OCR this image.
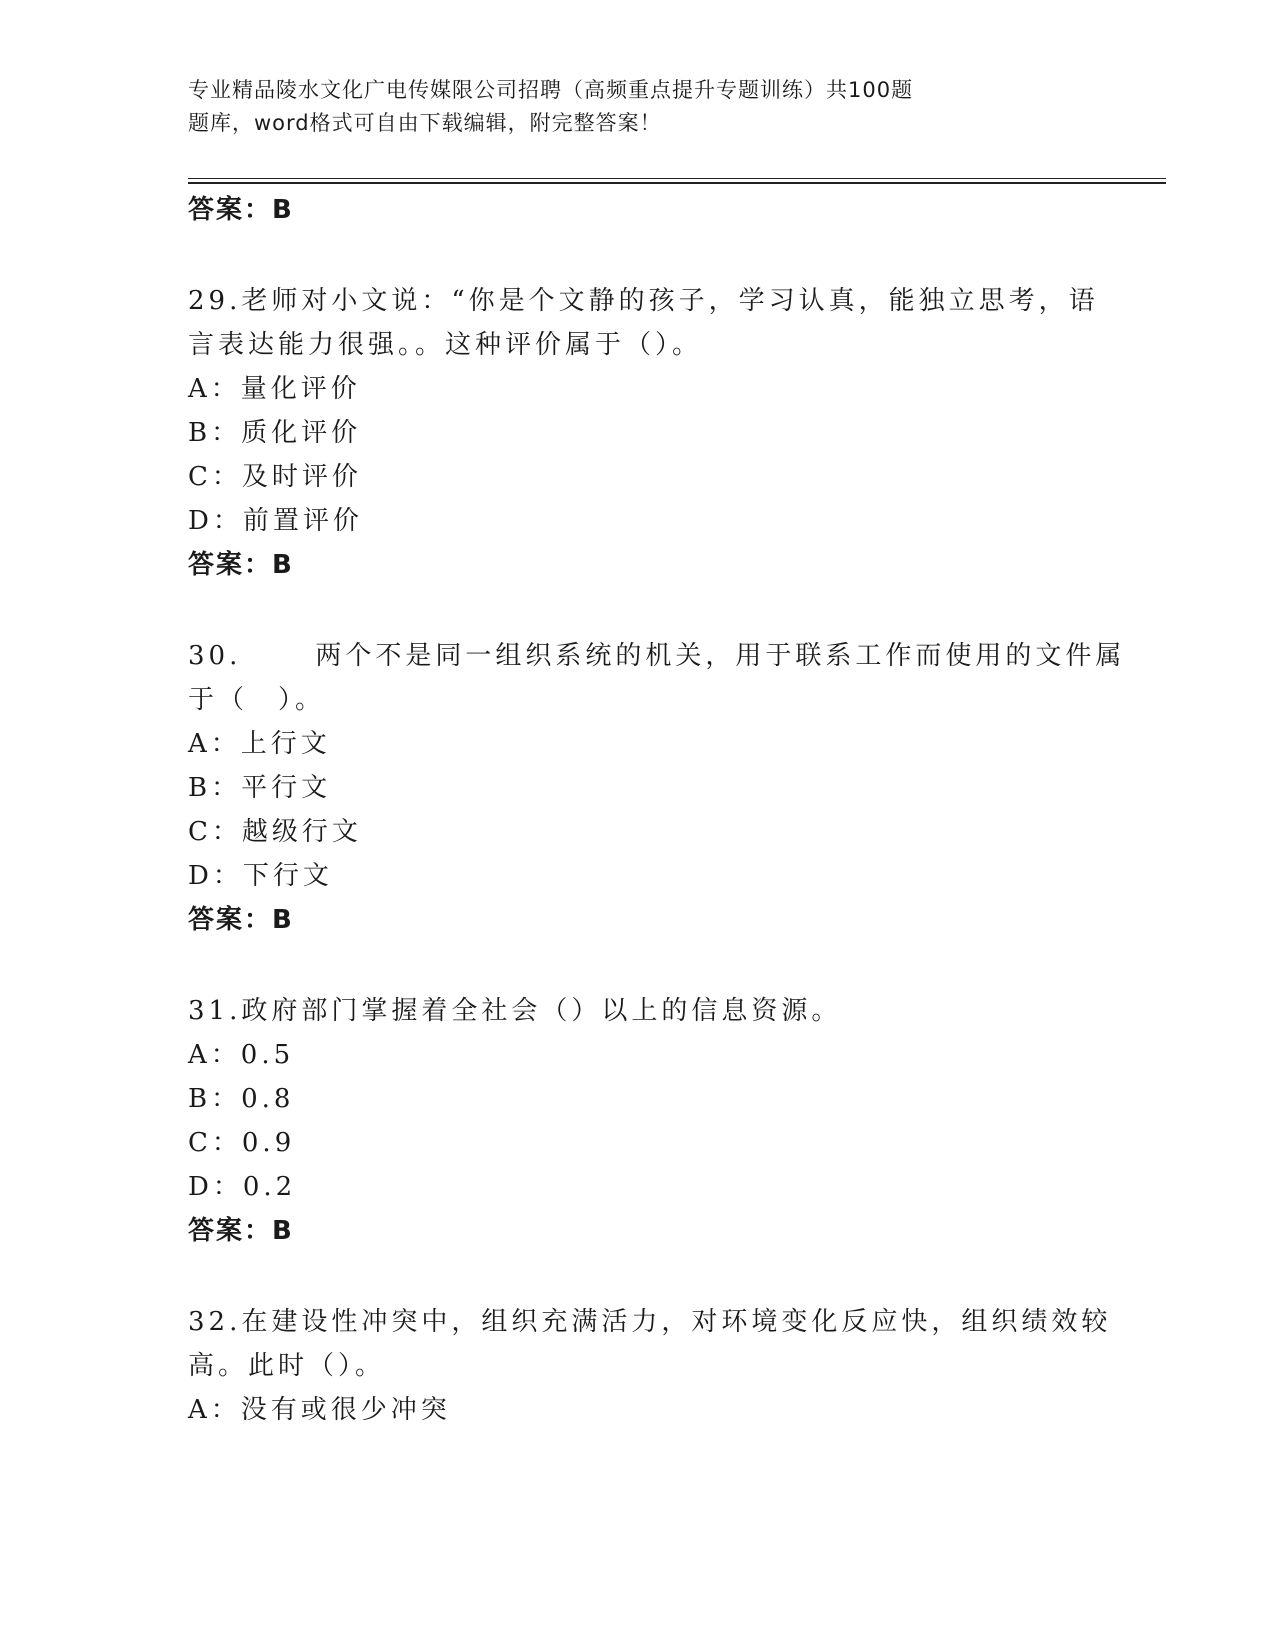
专业精品陵水文化广电传媒限公司招聘（高频重点提升专题训练）共100题
题库，word格式可自由下载编辑，附完整答案！
答案：B
29.老师对小文说：“你是个文静的孩子，学习认真，能独立思考，语
言表达能力很强。。这种评价属于（）。
A：量化评价
B：质化评价
C：及时评价
D：前置评价
答案：B
30.	两个不是同一组织系统的机关，用于联系工作而使用的文件属
于（　）。
A：上行文
B：平行文
C：越级行文
D：下行文
答案：B
31.政府部门掌握着全社会（）以上的信息资源。
A：0.5
B：0.8
C：0.9
D：0.2
答案：B
32.在建设性冲突中，组织充满活力，对环境变化反应快，组织绩效较
高。此时（）。
A：没有或很少冲突
